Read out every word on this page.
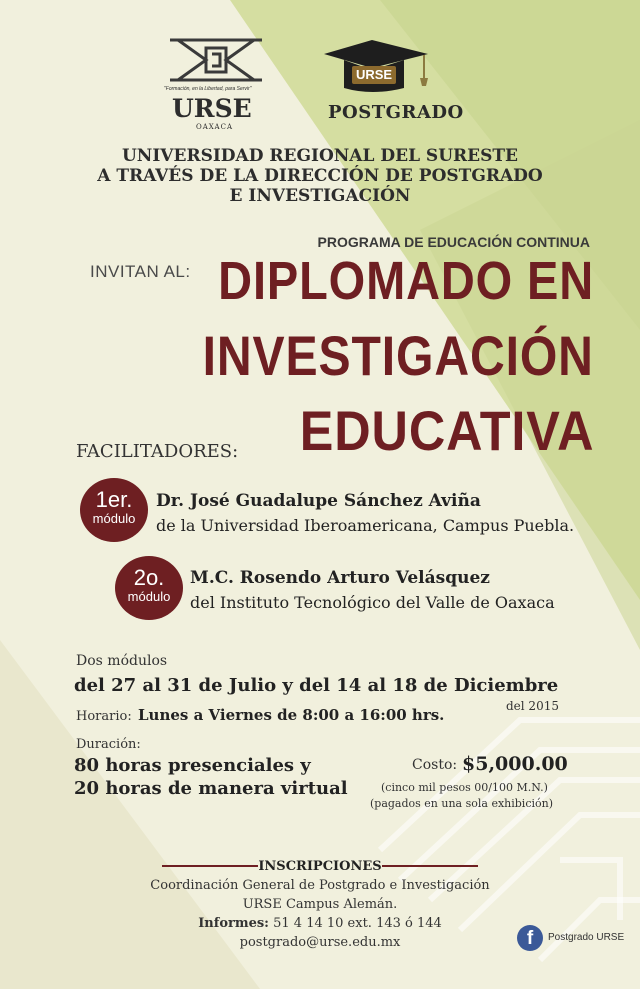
"Formación, en la Libertad, para Servir"
URSE
OAXACA
URSE
POSTGRADO
UNIVERSIDAD REGIONAL DEL SURESTE
A TRAVÉS DE LA DIRECCIÓN DE POSTGRADO
E INVESTIGACIÓN
PROGRAMA DE EDUCACIÓN CONTINUA
INVITAN AL: DIPLOMADO EN
INVESTIGACIÓN
EDUCATIVA
FACILITADORES:
1er.
módulo
Dr. José Guadalupe Sánchez Aviña
de la Universidad Iberoamericana, Campus Puebla.
2o.
módulo
M.C. Rosendo Arturo Velásquez
del Instituto Tecnológico del Valle de Oaxaca
Dos módulos
del 27 al 31 de Julio y del 14 al 18 de Diciembre
del 2015
Horario: Lunes a Viernes de 8:00 a 16:00 hrs.
Duración:
80 horas presenciales y
20 horas de manera virtual
Costo: $5,000.00
(cinco mil pesos 00/100 M.N.)
(pagados en una sola exhibición)
INSCRIPCIONES
Coordinación General de Postgrado e Investigación
URSE Campus Alemán.
Informes: 51 4 14 10 ext. 143 ó 144
postgrado@urse.edu.mx	f	Postgrado URSE
